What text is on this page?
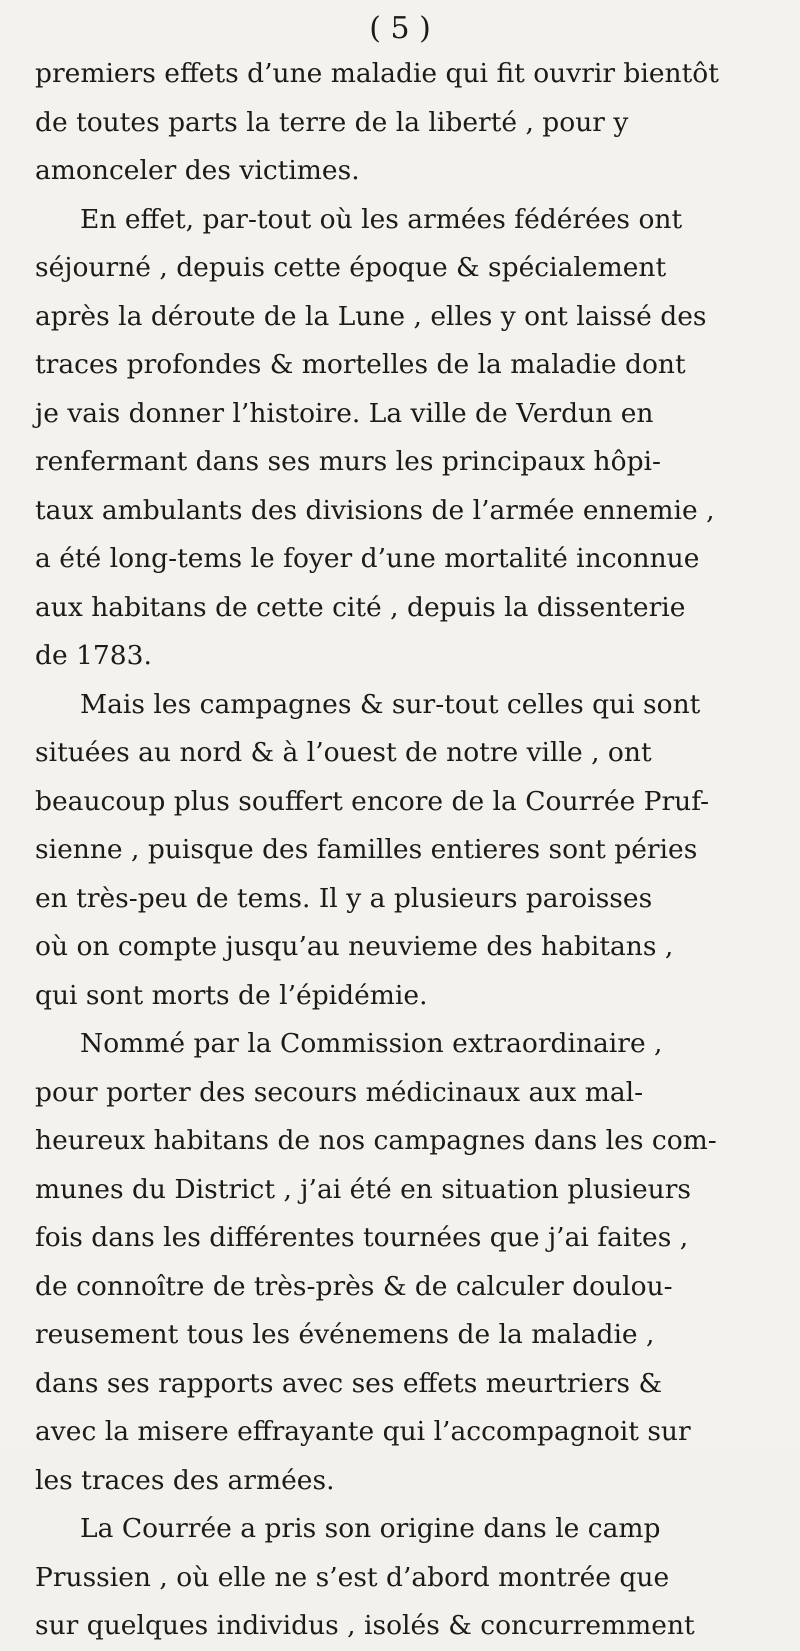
( 5 )
premiers effets d’une maladie qui fit ouvrir bientôt
de toutes parts la terre de la liberté , pour y
amonceler des victimes.
En effet, par-tout où les armées fédérées ont
séjourné , depuis cette époque & spécialement
après la déroute de la Lune , elles y ont laissé des
traces profondes & mortelles de la maladie dont
je vais donner l’histoire. La ville de Verdun en
renfermant dans ses murs les principaux hôpi-
taux ambulants des divisions de l’armée ennemie ,
a été long-tems le foyer d’une mortalité inconnue
aux habitans de cette cité , depuis la dissenterie
de 1783.
Mais les campagnes & sur-tout celles qui sont
situées au nord & à l’ouest de notre ville , ont
beaucoup plus souffert encore de la Courrée Pruf-
sienne , puisque des familles entieres sont péries
en très-peu de tems. Il y a plusieurs paroisses
où on compte jusqu’au neuvieme des habitans ,
qui sont morts de l’épidémie.
Nommé par la Commission extraordinaire ,
pour porter des secours médicinaux aux mal-
heureux habitans de nos campagnes dans les com-
munes du District , j’ai été en situation plusieurs
fois dans les différentes tournées que j’ai faites ,
de connoître de très-près & de calculer doulou-
reusement tous les événemens de la maladie ,
dans ses rapports avec ses effets meurtriers &
avec la misere effrayante qui l’accompagnoit sur
les traces des armées.
La Courrée a pris son origine dans le camp
Prussien , où elle ne s’est d’abord montrée que
sur quelques individus , isolés & concurremment
